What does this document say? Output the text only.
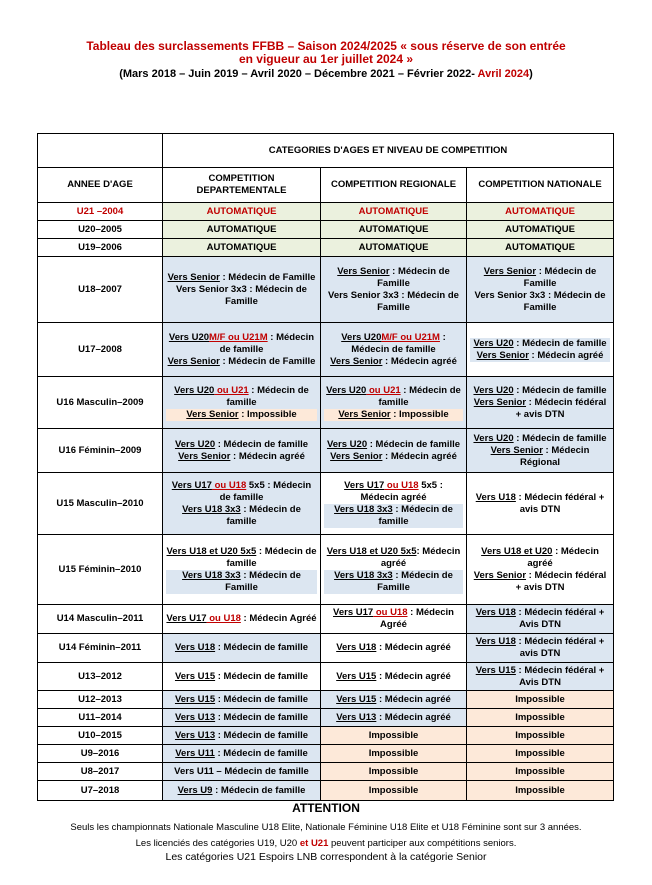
Tableau des surclassements FFBB – Saison 2024/2025 « sous réserve de son entrée
en vigueur au 1er juillet 2024 »
(Mars 2018 – Juin 2019 – Avril 2020 – Décembre 2021 – Février 2022- Avril 2024)
	CATEGORIES D'AGES ET NIVEAU DE COMPETITION		
ANNEE D'AGE	COMPETITION DEPARTEMENTALE	COMPETITION REGIONALE	COMPETITION NATIONALE
U21 –2004	AUTOMATIQUE	AUTOMATIQUE	AUTOMATIQUE
U20–2005	AUTOMATIQUE	AUTOMATIQUE	AUTOMATIQUE
U19–2006	AUTOMATIQUE	AUTOMATIQUE	AUTOMATIQUE
U18–2007	Vers Senior : Médecin de Famille
Vers Senior 3x3 : Médecin de Famille	Vers Senior : Médecin de Famille
Vers Senior 3x3 : Médecin de Famille	Vers Senior : Médecin de Famille
Vers Senior 3x3 : Médecin de Famille

U17–2008	Vers U20M/F ou U21M : Médecin de famille
Vers Senior : Médecin de Famille	Vers U20M/F ou U21M : Médecin de famille
Vers Senior : Médecin agréé	Vers U20 : Médecin de famille
Vers Senior : Médecin agréé

U16 Masculin–2009	Vers U20 ou U21 : Médecin de famille
Vers Senior : Impossible	Vers U20 ou U21 : Médecin de famille
Vers Senior : Impossible	Vers U20 : Médecin de famille
Vers Senior : Médecin fédéral + avis DTN

U16 Féminin–2009	Vers U20 : Médecin de famille
Vers Senior : Médecin agréé	Vers U20 : Médecin de famille
Vers Senior : Médecin agréé	Vers U20 : Médecin de famille
Vers Senior : Médecin Régional

U15 Masculin–2010	Vers U17 ou U18 5x5 : Médecin de famille
Vers U18 3x3 : Médecin de famille	Vers U17 ou U18 5x5 : Médecin agréé
Vers U18 3x3 : Médecin de famille	Vers U18 : Médecin fédéral + avis DTN

U15 Féminin–2010	Vers U18 et U20 5x5 : Médecin de famille
Vers U18 3x3 : Médecin de Famille	Vers U18 et U20 5x5: Médecin agréé
Vers U18 3x3 : Médecin de Famille	Vers U18 et U20 : Médecin agréé
Vers Senior : Médecin fédéral + avis DTN

U14 Masculin–2011	Vers U17 ou U18 : Médecin Agréé	Vers U17 ou U18 : Médecin Agréé	Vers U18 : Médecin fédéral + Avis DTN

U14 Féminin–2011	Vers U18 : Médecin de famille	Vers U18 : Médecin agréé	Vers U18 : Médecin fédéral + avis DTN
U13–2012	Vers U15 : Médecin de famille	Vers U15 : Médecin agréé	Vers U15 : Médecin fédéral + Avis DTN
U12–2013	Vers U15 : Médecin de famille	Vers U15 : Médecin agréé	Impossible
U11–2014	Vers U13 : Médecin de famille	Vers U13 : Médecin agréé	Impossible
U10–2015	Vers U13 : Médecin de famille	Impossible	Impossible
U9–2016	Vers U11 : Médecin de famille	Impossible	Impossible
U8–2017	Vers U11 – Médecin de famille	Impossible	Impossible
U7–2018	Vers U9 : Médecin de famille	Impossible	Impossible
ATTENTION
Seuls les championnats Nationale Masculine U18 Elite, Nationale Féminine U18 Elite et U18 Féminine sont sur 3 années.
Les licenciés des catégories U19, U20 et U21 peuvent participer aux compétitions seniors.
Les catégories U21 Espoirs LNB correspondent à la catégorie Senior
